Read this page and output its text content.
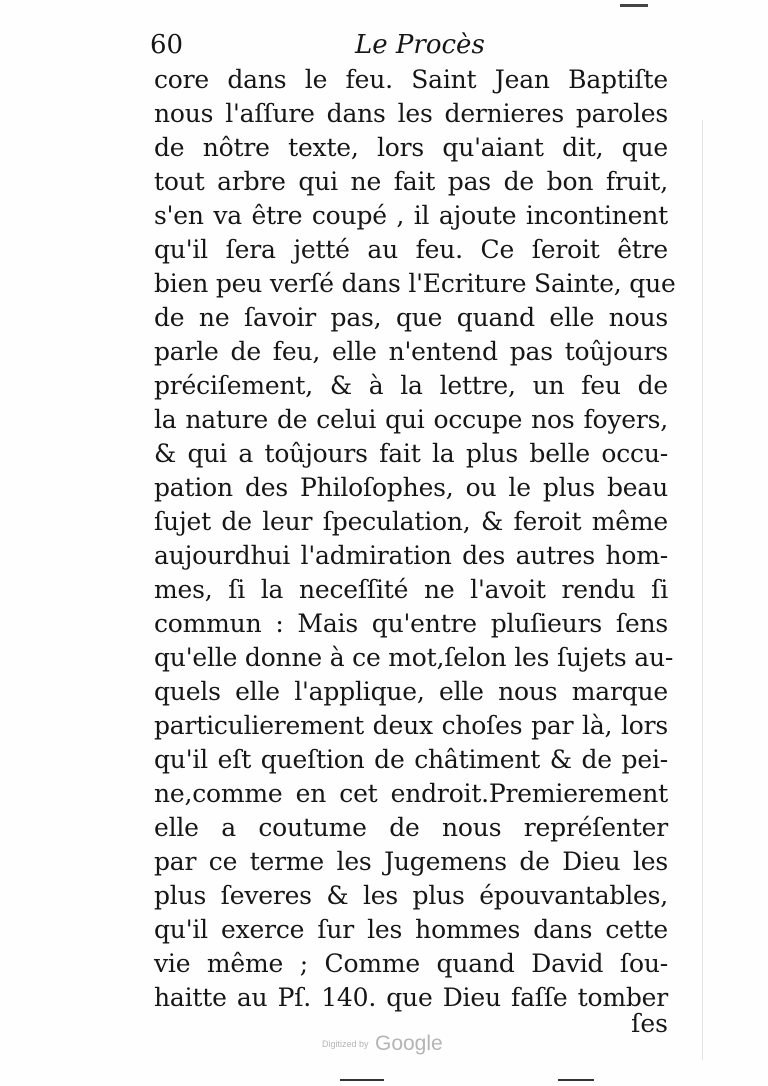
60	Le Procès
core dans le feu. Saint Jean Baptiſte
nous l'aſſure dans les dernieres paroles
de nôtre texte, lors qu'aiant dit, que
tout arbre qui ne fait pas de bon fruit,
s'en va être coupé , il ajoute incontinent
qu'il ſera jetté au feu. Ce ſeroit être
bien peu verſé dans l'Ecriture Sainte, que
de ne ſavoir pas, que quand elle nous
parle de feu, elle n'entend pas toûjours
préciſement, & à la lettre, un feu de
la nature de celui qui occupe nos foyers,
& qui a toûjours fait la plus belle occu-
pation des Philoſophes, ou le plus beau
ſujet de leur ſpeculation, & feroit même
aujourdhui l'admiration des autres hom-
mes, ſi la neceſſité ne l'avoit rendu ſi
commun : Mais qu'entre pluſieurs ſens
qu'elle donne à ce mot,ſelon les ſujets au-
quels elle l'applique, elle nous marque
particulierement deux choſes par là, lors
qu'il eſt queſtion de châtiment & de pei-
ne,comme en cet endroit.Premierement
elle a coutume de nous repréſenter
par ce terme les Jugemens de Dieu les
plus ſeveres & les plus épouvantables,
qu'il exerce ſur les hommes dans cette
vie même ; Comme quand David ſou-
haitte au Pſ. 140. que Dieu faſſe tomber
ſes
Digitized by Google
